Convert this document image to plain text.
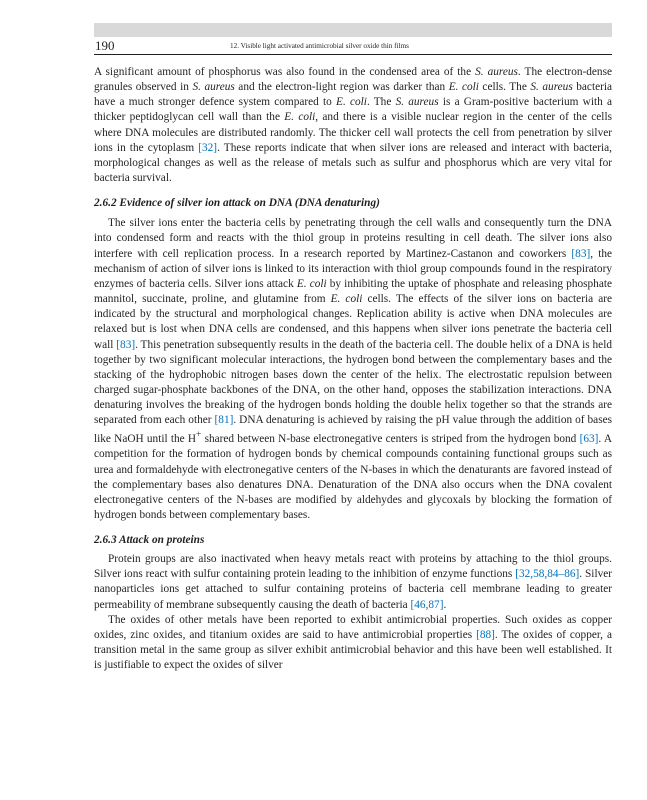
190	12. Visible light activated antimicrobial silver oxide thin films

A significant amount of phosphorus was also found in the condensed area of the S. aureus. The electron-dense granules observed in S. aureus and the electron-light region was darker than E. coli cells. The S. aureus bacteria have a much stronger defence system compared to E. coli. The S. aureus is a Gram-positive bacterium with a thicker peptidoglycan cell wall than the E. coli, and there is a visible nuclear region in the center of the cells where DNA molecules are distributed randomly. The thicker cell wall protects the cell from penetration by silver ions in the cytoplasm [32]. These reports indicate that when silver ions are released and interact with bacteria, morphological changes as well as the release of metals such as sulfur and phosphorus which are very vital for bacteria survival.

2.6.2 Evidence of silver ion attack on DNA (DNA denaturing)

The silver ions enter the bacteria cells by penetrating through the cell walls and consequently turn the DNA into condensed form and reacts with the thiol group in proteins resulting in cell death. The silver ions also interfere with cell replication process. In a research reported by Martinez-Castanon and coworkers [83], the mechanism of action of silver ions is linked to its interaction with thiol group compounds found in the respiratory enzymes of bacteria cells. Silver ions attack E. coli by inhibiting the uptake of phosphate and releasing phosphate mannitol, succinate, proline, and glutamine from E. coli cells. The effects of the silver ions on bacteria are indicated by the structural and morphological changes. Replication ability is active when DNA molecules are relaxed but is lost when DNA cells are condensed, and this happens when silver ions penetrate the bacteria cell wall [83]. This penetration subsequently results in the death of the bacteria cell. The double helix of a DNA is held together by two significant molecular interactions, the hydrogen bond between the complementary bases and the stacking of the hydrophobic nitrogen bases down the center of the helix. The electrostatic repulsion between charged sugar-phosphate backbones of the DNA, on the other hand, opposes the stabilization interactions. DNA denaturing involves the breaking of the hydrogen bonds holding the double helix together so that the strands are separated from each other [81]. DNA denaturing is achieved by raising the pH value through the addition of bases like NaOH until the H+ shared between N-base electronegative centers is striped from the hydrogen bond [63]. A competition for the formation of hydrogen bonds by chemical compounds containing functional groups such as urea and formaldehyde with electronegative centers of the N-bases in which the denaturants are favored instead of the complementary bases also denatures DNA. Denaturation of the DNA also occurs when the DNA covalent electronegative centers of the N-bases are modified by aldehydes and glycoxals by blocking the formation of hydrogen bonds between complementary bases.

2.6.3 Attack on proteins

Protein groups are also inactivated when heavy metals react with proteins by attaching to the thiol groups. Silver ions react with sulfur containing protein leading to the inhibition of enzyme functions [32,58,84–86]. Silver nanoparticles ions get attached to sulfur containing proteins of bacteria cell membrane leading to greater permeability of membrane subsequently causing the death of bacteria [46,87].

The oxides of other metals have been reported to exhibit antimicrobial properties. Such oxides as copper oxides, zinc oxides, and titanium oxides are said to have antimicrobial properties [88]. The oxides of copper, a transition metal in the same group as silver exhibit antimicrobial behavior and this have been well established. It is justifiable to expect the oxides of silver
